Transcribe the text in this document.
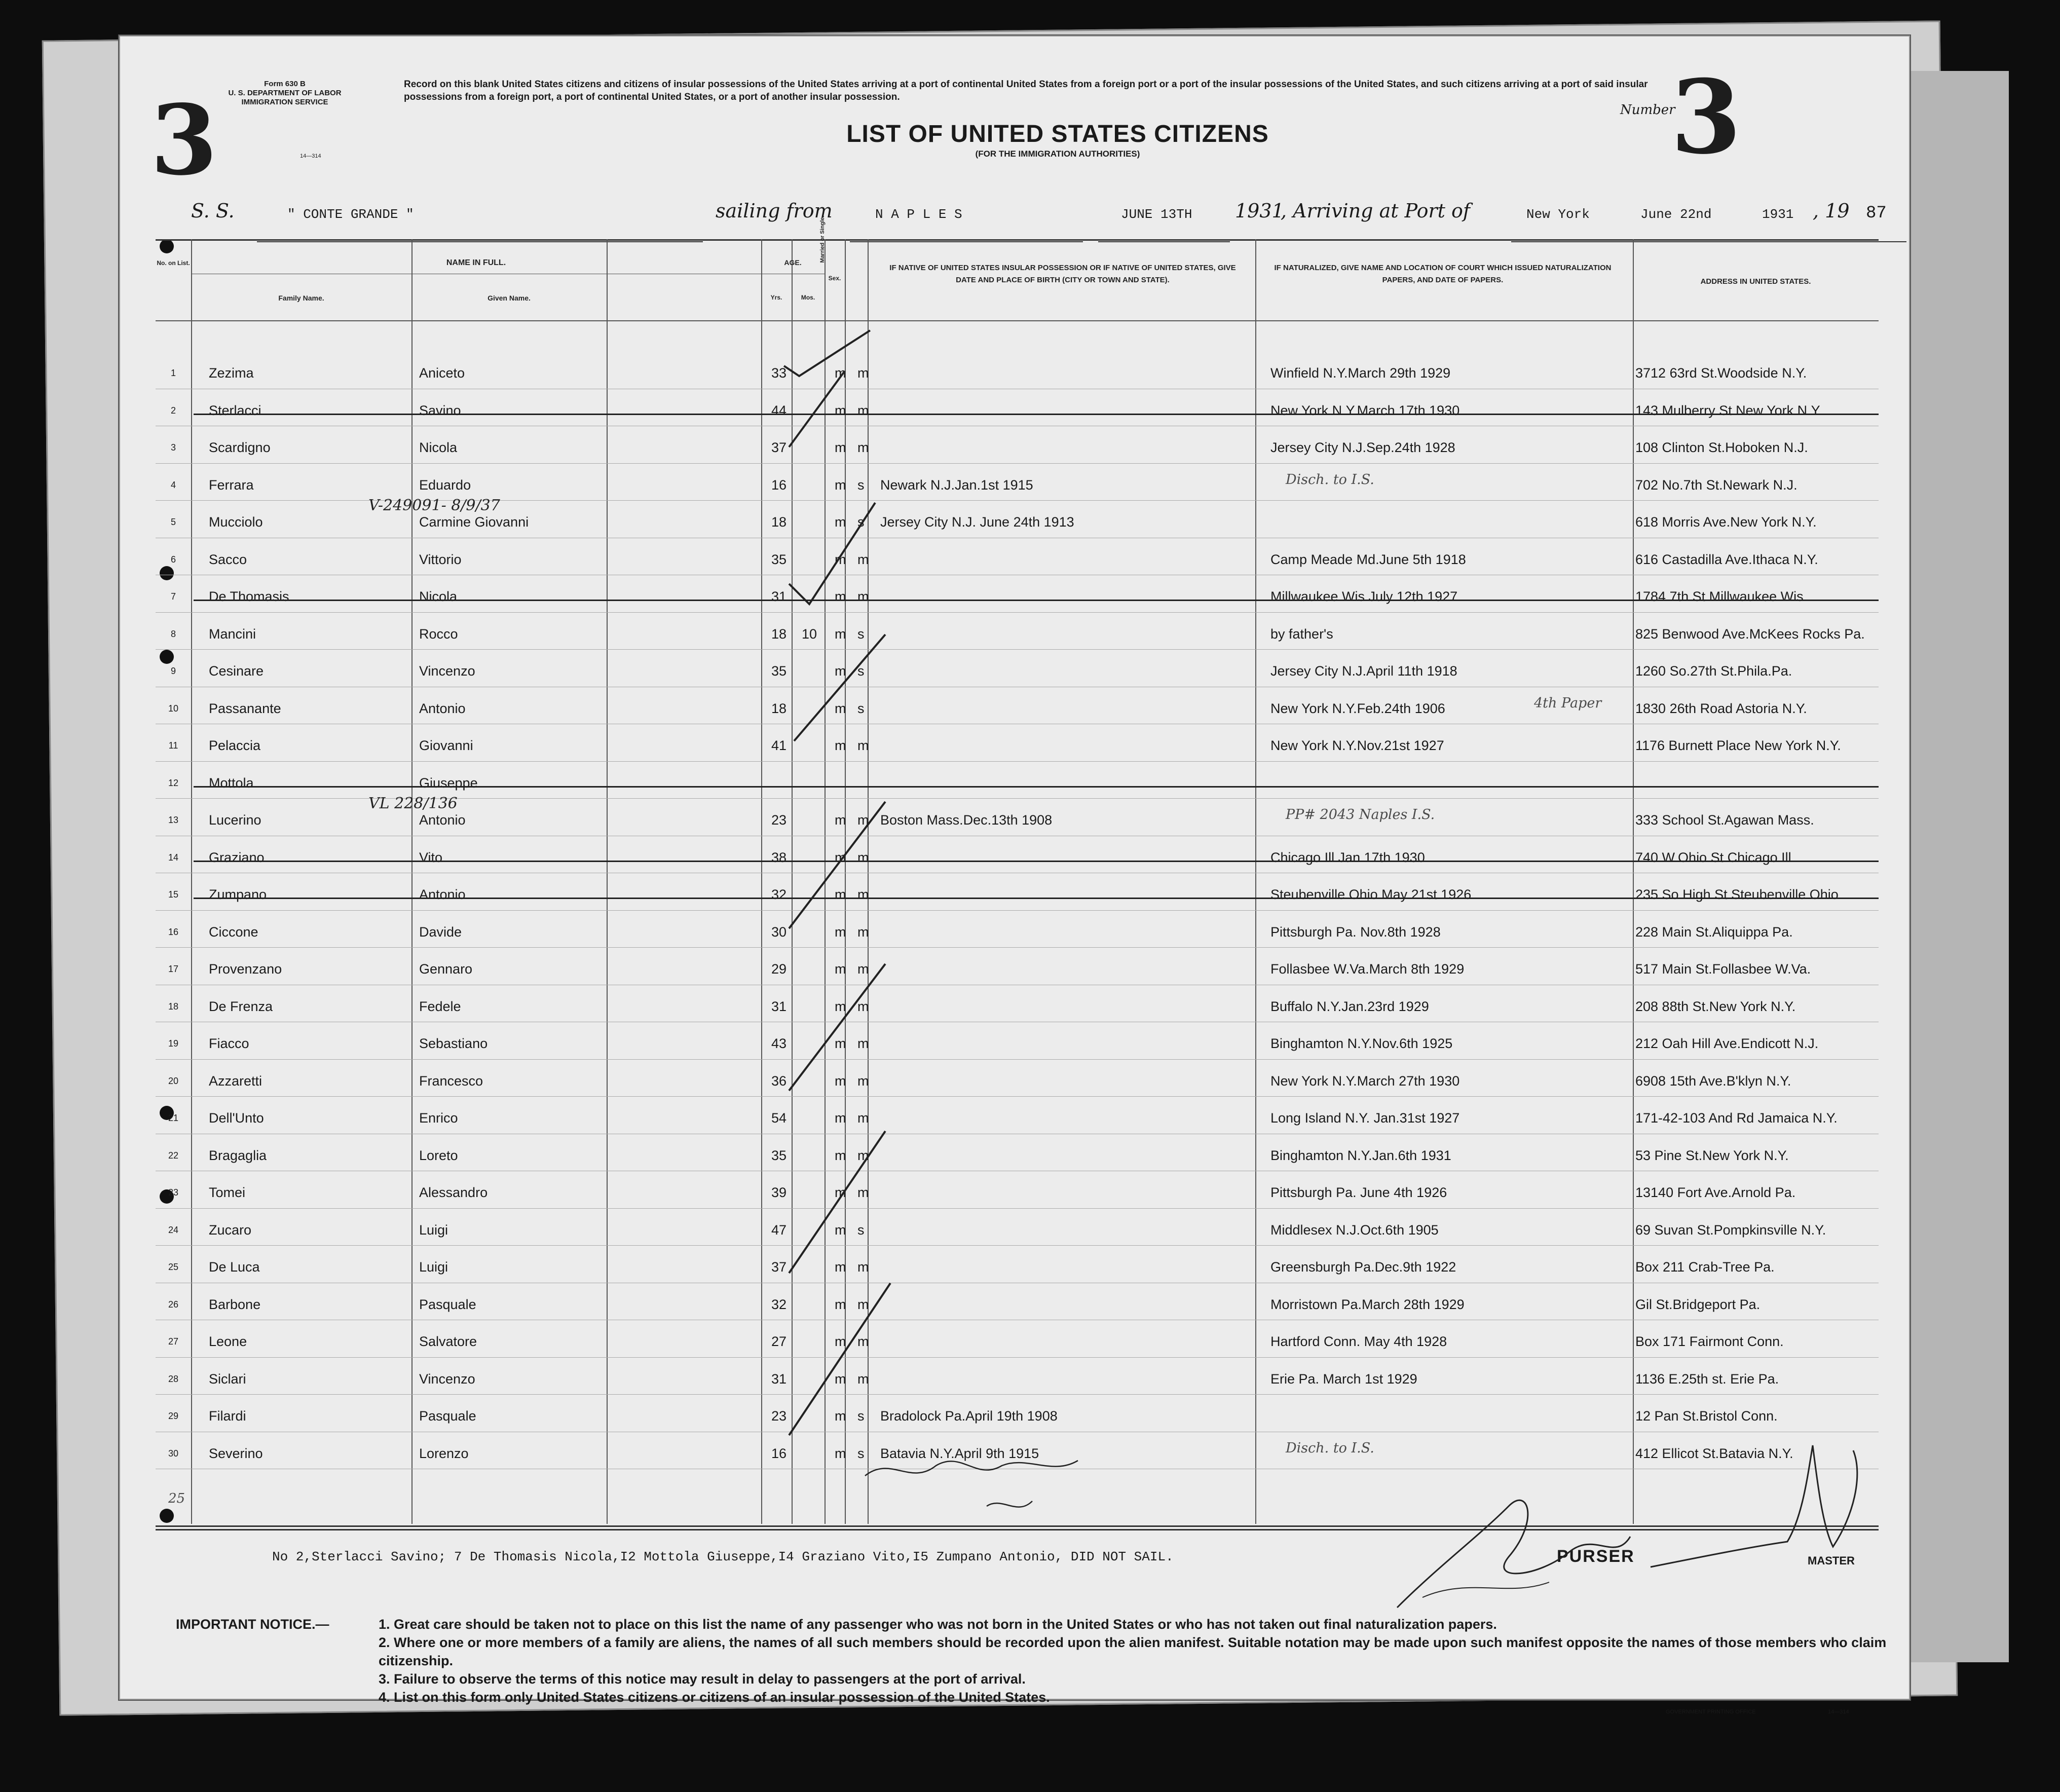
3	Form 630 B
U. S. DEPARTMENT OF LABOR
IMMIGRATION SERVICE
14—314
Record on this blank United States citizens and citizens of insular possessions of the United States arriving at a port of continental United States from a foreign port or a port of the insular possessions of the United States, and such citizens arriving at a port of said insular possessions from a foreign port, a port of continental United States, or a port of another insular possession.
LIST OF UNITED STATES CITIZENS
(FOR THE IMMIGRATION AUTHORITIES)
Number
3
S. S.	" CONTE GRANDE "	sailing from	N A P L E S	JUNE 13TH 1931
, Arriving at Port of	New York	June 22nd	1931 , 19 87
No. on List.	NAME IN FULL.
Family Name.	Given Name.
AGE.
Yrs.	Mos.
Sex.
Married or Single.
IF NATIVE OF UNITED STATES INSULAR POSSESSION OR IF NATIVE OF UNITED STATES, GIVE DATE AND PLACE OF BIRTH (CITY OR TOWN AND STATE).
IF NATURALIZED, GIVE NAME AND LOCATION OF COURT WHICH ISSUED NATURALIZATION PAPERS, AND DATE OF PAPERS.	ADDRESS IN UNITED STATES.
1	Zezima	Aniceto	33	m m	Winfield N.Y.March 29th 1929	3712 63rd St.Woodside N.Y.
2	Sterlacci	Savino	44	m m	New York N.Y.March 17th 1930	143 Mulberry St.New York N.Y.
3	Scardigno	Nicola	37	m m	Jersey City N.J.Sep.24th 1928	108 Clinton St.Hoboken N.J.
4	Ferrara	Eduardo	16	m s Newark N.J.Jan.1st 1915	702 No.7th St.Newark N.J.
Disch. to I.S.
5	Mucciolo	Carmine Giovanni	18	m s Jersey City N.J. June 24th 1913	618 Morris Ave.New York N.Y.
V-249091- 8/9/37
6	Sacco	Vittorio	35	m m	Camp Meade Md.June 5th 1918	616 Castadilla Ave.Ithaca N.Y.
7	De Thomasis	Nicola	31	m m	Millwaukee Wis.July 12th 1927	1784 7th St.Millwaukee Wis.
8	Mancini	Rocco	18 10 m s	by father's	825 Benwood Ave.McKees Rocks Pa.
9	Cesinare	Vincenzo	35	m s	Jersey City N.J.April 11th 1918	1260 So.27th St.Phila.Pa.
10	Passanante	Antonio	18	m s	New York N.Y.Feb.24th 1906	1830 26th Road Astoria N.Y.
4th Paper
11	Pelaccia	Giovanni	41	m m	New York N.Y.Nov.21st 1927	1176 Burnett Place New York N.Y.
12	Mottola	Giuseppe
13	Lucerino	Antonio	23	m m Boston Mass.Dec.13th 1908	333 School St.Agawan Mass.
PP# 2043 Naples I.S.
VL 228/136
14	Graziano	Vito	38	m m	Chicago Ill.Jan.17th 1930	740 W.Ohio St.Chicago Ill.
15	Zumpano	Antonio	32	m m	Steubenville Ohio May 21st 1926	235 So.High St.Steubenville Ohio
16	Ciccone	Davide	30	m m	Pittsburgh Pa. Nov.8th 1928	228 Main St.Aliquippa Pa.
17	Provenzano	Gennaro	29	m m	Follasbee W.Va.March 8th 1929	517 Main St.Follasbee W.Va.
18	De Frenza	Fedele	31	m m	Buffalo N.Y.Jan.23rd 1929	208 88th St.New York N.Y.
19	Fiacco	Sebastiano	43	m m	Binghamton N.Y.Nov.6th 1925	212 Oah Hill Ave.Endicott N.J.
20	Azzaretti	Francesco	36	m m	New York N.Y.March 27th 1930	6908 15th Ave.B'klyn N.Y.
21	Dell'Unto	Enrico	54	m m	Long Island N.Y. Jan.31st 1927	171-42-103 And Rd Jamaica N.Y.
22	Bragaglia	Loreto	35	m m	Binghamton N.Y.Jan.6th 1931	53 Pine St.New York N.Y.
23	Tomei	Alessandro	39	m m	Pittsburgh Pa. June 4th 1926	13140 Fort Ave.Arnold Pa.
24	Zucaro	Luigi	47	m s	Middlesex N.J.Oct.6th 1905	69 Suvan St.Pompkinsville N.Y.
25	De Luca	Luigi	37	m m	Greensburgh Pa.Dec.9th 1922	Box 211 Crab-Tree Pa.
26	Barbone	Pasquale	32	m m	Morristown Pa.March 28th 1929	Gil St.Bridgeport Pa.
27	Leone	Salvatore	27	m m	Hartford Conn. May 4th 1928	Box 171 Fairmont Conn.
28	Siclari	Vincenzo	31	m m	Erie Pa. March 1st 1929	1136 E.25th st. Erie Pa.
29	Filardi	Pasquale	23	m s Bradolock Pa.April 19th 1908	12 Pan St.Bristol Conn.
30	Severino	Lorenzo	16	m s Batavia N.Y.April 9th 1915	412 Ellicot St.Batavia N.Y.
Disch. to I.S.
25
No 2,Sterlacci Savino; 7 De Thomasis Nicola,I2 Mottola Giuseppe,I4 Graziano Vito,I5 Zumpano Antonio, DID NOT SAIL.	PURSER	MASTER
IMPORTANT NOTICE.—	1. Great care should be taken not to place on this list the name of any passenger who was not born in the United States or who has not taken out final naturalization papers.
2. Where one or more members of a family are aliens, the names of all such members should be recorded upon the alien manifest. Suitable notation may be made upon such manifest opposite the names of those members who claim citizenship.
3. Failure to observe the terms of this notice may result in delay to passengers at the port of arrival.
4. List on this form only United States citizens or citizens of an insular possession of the United States.
GOVERNMENT PRINTING OFFICE	14—314
